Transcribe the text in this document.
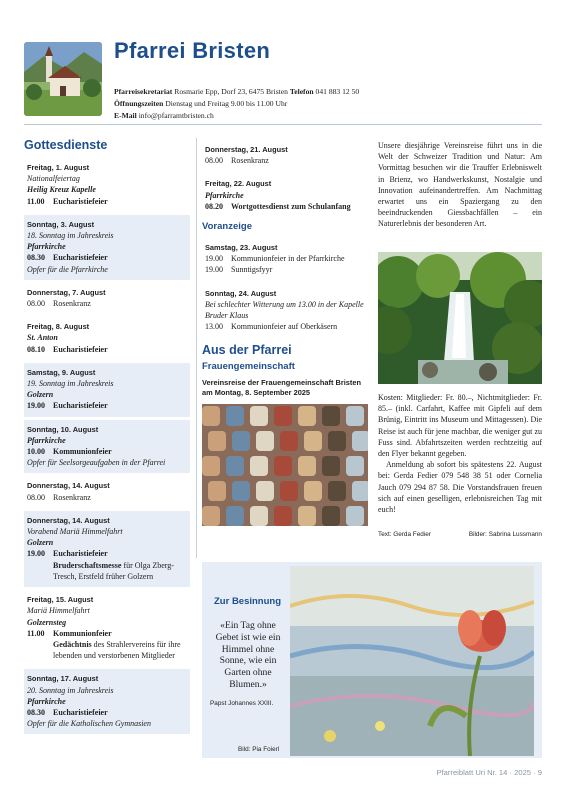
Pfarrei Bristen
Pfarreisekretariat Rosmarie Epp, Dorf 23, 6475 Bristen Telefon 041 883 12 50
Öffnungszeiten Dienstag und Freitag 9.00 bis 11.00 Uhr
E-Mail info@pfarramtbristen.ch
Gottesdienste
Freitag, 1. August
Nationalfeiertag
Heilig Kreuz Kapelle
11.00	Eucharistiefeier
Sonntag, 3. August
18. Sonntag im Jahreskreis
Pfarrkirche
08.30	Eucharistiefeier
Opfer für die Pfarrkirche
Donnerstag, 7. August
08.00	Rosenkranz
Freitag, 8. August
St. Anton
08.10	Eucharistiefeier
Samstag, 9. August
19. Sonntag im Jahreskreis
Golzern
19.00	Eucharistiefeier
Sonntag, 10. August
Pfarrkirche
10.00	Kommunionfeier
Opfer für Seelsorgeaufgaben in der Pfarrei
Donnerstag, 14. August
08.00	Rosenkranz
Donnerstag, 14. August
Vorabend Mariä Himmelfahrt
Golzern
19.00	Eucharistiefeier
Bruderschaftsmesse für Olga Zberg-Tresch, Erstfeld früher Golzern
Freitag, 15. August
Mariä Himmelfahrt
Golzernsteg
11.00	Kommunionfeier
Gedächtnis des Strahlervereins für ihre lebenden und verstorbenen Mitglieder
Sonntag, 17. August
20. Sonntag im Jahreskreis
Pfarrkirche
08.30	Eucharistiefeier
Opfer für die Katholischen Gymnasien
Donnerstag, 21. August
08.00	Rosenkranz
Freitag, 22. August
Pfarrkirche
08.20	Wortgottesdienst zum Schulanfang
Voranzeige
Samstag, 23. August
19.00	Kommunionfeier in der Pfarrkirche
19.00	Sunntigsfyyr
Sonntag, 24. August
Bei schlechter Witterung um 13.00 in der Kapelle Bruder Klaus
13.00	Kommunionfeier auf Oberkäsern
Aus der Pfarrei
Frauengemeinschaft
Vereinsreise der Frauengemeinschaft Bristen am Montag, 8. September 2025
Unsere diesjährige Vereinsreise führt uns in die Welt der Schweizer Tradition und Natur: Am Vormittag besuchen wir die Trauffer Erlebniswelt in Brienz, wo Handwerkskunst, Nostalgie und Innovation aufeinandertreffen. Am Nachmittag erwartet uns ein Spaziergang zu den beeindruckenden Giessbachfällen – ein Naturerlebnis der besonderen Art.
Kosten: Mitglieder: Fr. 80.–, Nichtmitglieder: Fr. 85.– (inkl. Carfahrt, Kaffee mit Gipfeli auf dem Brünig, Eintritt ins Museum und Mittagessen). Die Reise ist auch für jene machbar, die weniger gut zu Fuss sind. Abfahrtszeiten werden rechtzeitig auf den Flyer bekannt gegeben.
Anmeldung ab sofort bis spätestens 22. August bei: Gerda Fedier 079 548 38 51 oder Cornelia Jauch 079 294 87 58. Die Vorstandsfrauen freuen sich auf einen geselligen, erlebnisreichen Tag mit euch!
Text: Gerda Fedier	Bilder: Sabrina Lussmann
Zur Besinnung
«Ein Tag ohne Gebet ist wie ein Himmel ohne Sonne, wie ein Garten ohne Blumen.»
Papst Johannes XXIII.
Bild: Pia Foierl
Pfarreiblatt Uri Nr. 14 · 2025 · 9
